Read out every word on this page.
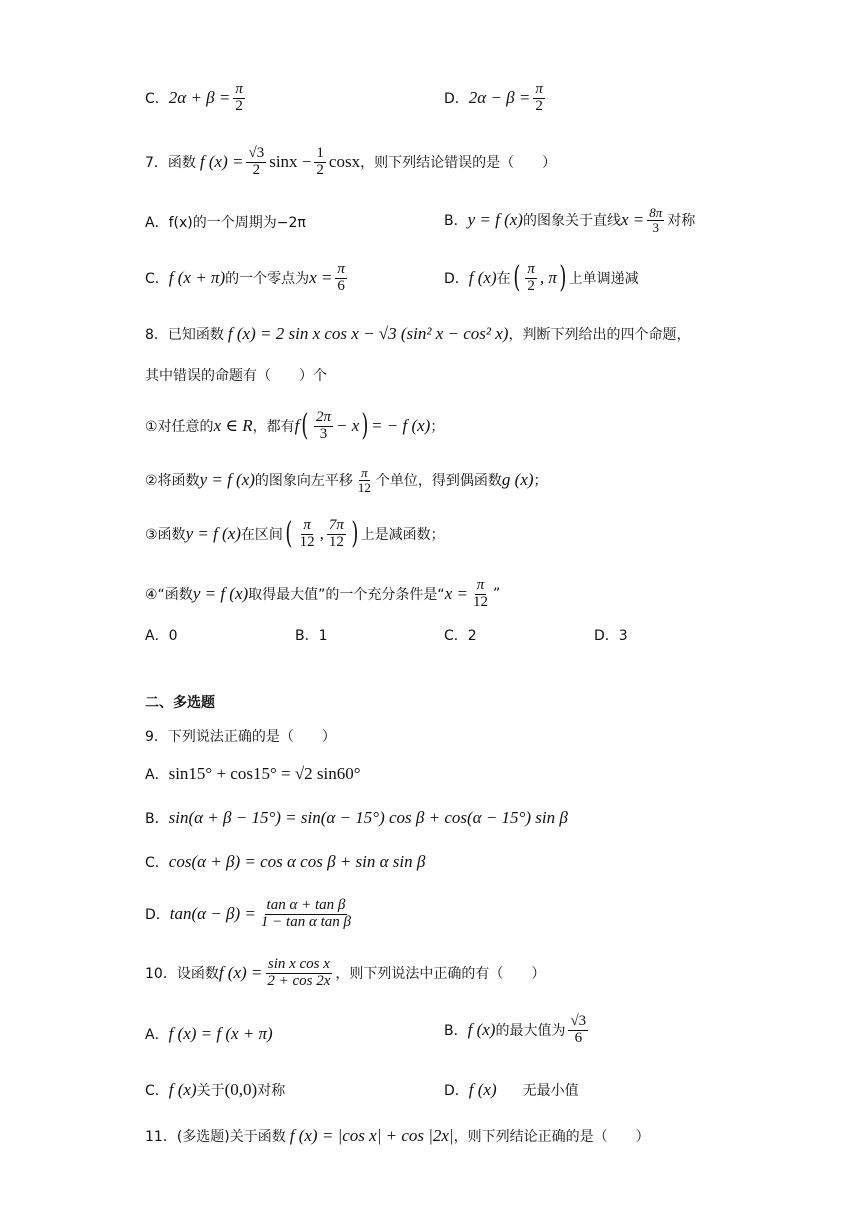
C． $2\alpha + \beta = \frac{\pi}{2}$	D． $2\alpha - \beta = \frac{\pi}{2}$
7．函数 f $(x) = \frac{√3}{2}$ $\sin x - \frac{1}{2}$ cosx ，则下列结论错误的是（　　）
A．f(x)的一个周期为−2π	B． y = f (x) 的图象关于直线 $x = \frac{8\pi}{3}$ 对称
C． f (x + π) 的一个零点为 $x = \frac{\pi}{6}$	D． f (x) 在 ( $\frac{\pi}{2}$ , π ) 上单调递减
8．已知函数 f (x) = 2 sin x cos x − √3 (sin² x − cos² x) ，判断下列给出的四个命题，
其中错误的命题有（　　）个
①对任意的 x ∈ R ，都有 f ( $\frac{2\pi}{3} - x$ ) = − f (x) ；
②将函数 y = f (x) 的图象向左平移 $\frac{\pi}{12}$ 个单位，得到偶函数 g (x) ；
③函数 y = f (x) 在区间 ( $\frac{\pi}{12}$ , $\frac{7\pi}{12}$ ) 上是减函数；
④“函数 y = f (x) 取得最大值”的一个充分条件是“ $x = \frac{\pi}{12}$ ”
A．0	B．1	C．2	D．3
二、多选题
9．下列说法正确的是（　　）
A． sin15° + cos15° = √2 sin60°
B． sin(α + β − 15°) = sin(α − 15°) cos β + cos(α − 15°) sin β
C． cos(α + β) = cos α cos β + sin α sin β
D． $\tan(\alpha - \beta) = \frac{\text{tan α + tan β}}{\text{1 − tan α tan β}}$
10．设函数 f $(x) = \frac{\text{sin x cos x}}{2 + \cos 2x}$ ，则下列说法中正确的有（　　）
A． f (x) = f (x + π)	B． f (x) 的最大值为 $\frac{√3}{6}$
C． f (x) 关于 (0,0) 对称	D． f (x) 无最小值
11．(多选题)关于函数 f (x) = |cos x| + cos |2x| ，则下列结论正确的是（　　）
